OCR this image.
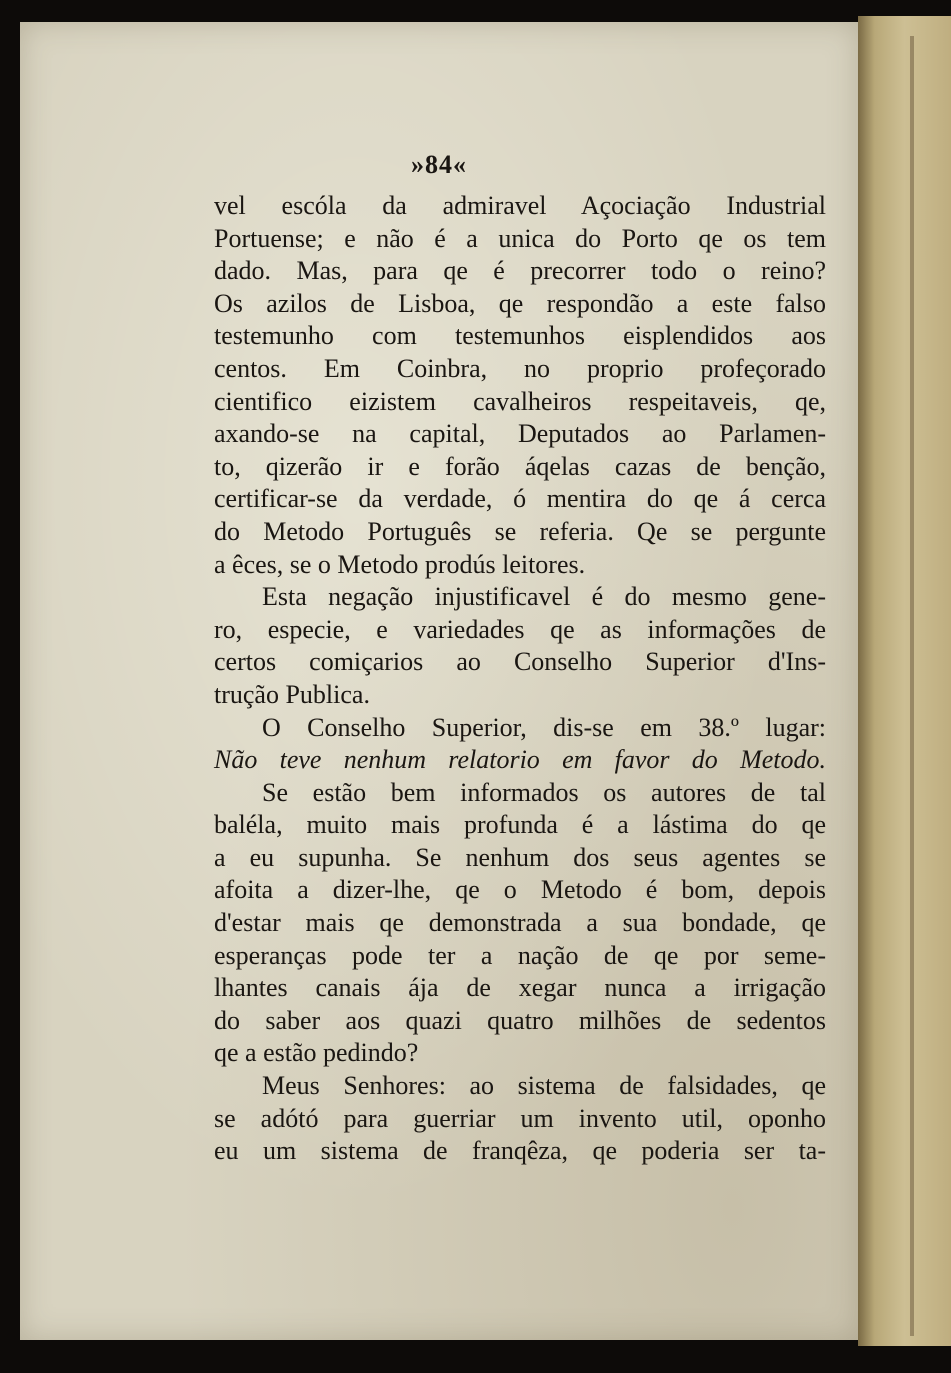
»84«
vel escóla da admiravel Açociação Industrial
Portuense; e não é a unica do Porto qe os tem
dado. Mas, para qe é precorrer todo o reino?
Os azilos de Lisboa, qe respondão a este falso
testemunho com testemunhos eisplendidos aos
centos. Em Coinbra, no proprio profeçorado
cientifico eizistem cavalheiros respeitaveis, qe,
axando-se na capital, Deputados ao Parlamen-
to, qizerão ir e forão áqelas cazas de benção,
certificar-se da verdade, ó mentira do qe á cerca
do Metodo Português se referia. Qe se pergunte
a êces, se o Metodo prodús leitores.
Esta negação injustificavel é do mesmo gene-
ro, especie, e variedades qe as informações de
certos comiçarios ao Conselho Superior d'Ins-
trução Publica.
O Conselho Superior, dis-se em 38.º lugar:
Não teve nenhum relatorio em favor do Metodo.
Se estão bem informados os autores de tal
baléla, muito mais profunda é a lástima do qe
a eu supunha. Se nenhum dos seus agentes se
afoita a dizer-lhe, qe o Metodo é bom, depois
d'estar mais qe demonstrada a sua bondade, qe
esperanças pode ter a nação de qe por seme-
lhantes canais ája de xegar nunca a irrigação
do saber aos quazi quatro milhões de sedentos
qe a estão pedindo?
Meus Senhores: ao sistema de falsidades, qe
se adótó para guerriar um invento util, oponho
eu um sistema de franqêza, qe poderia ser ta-
